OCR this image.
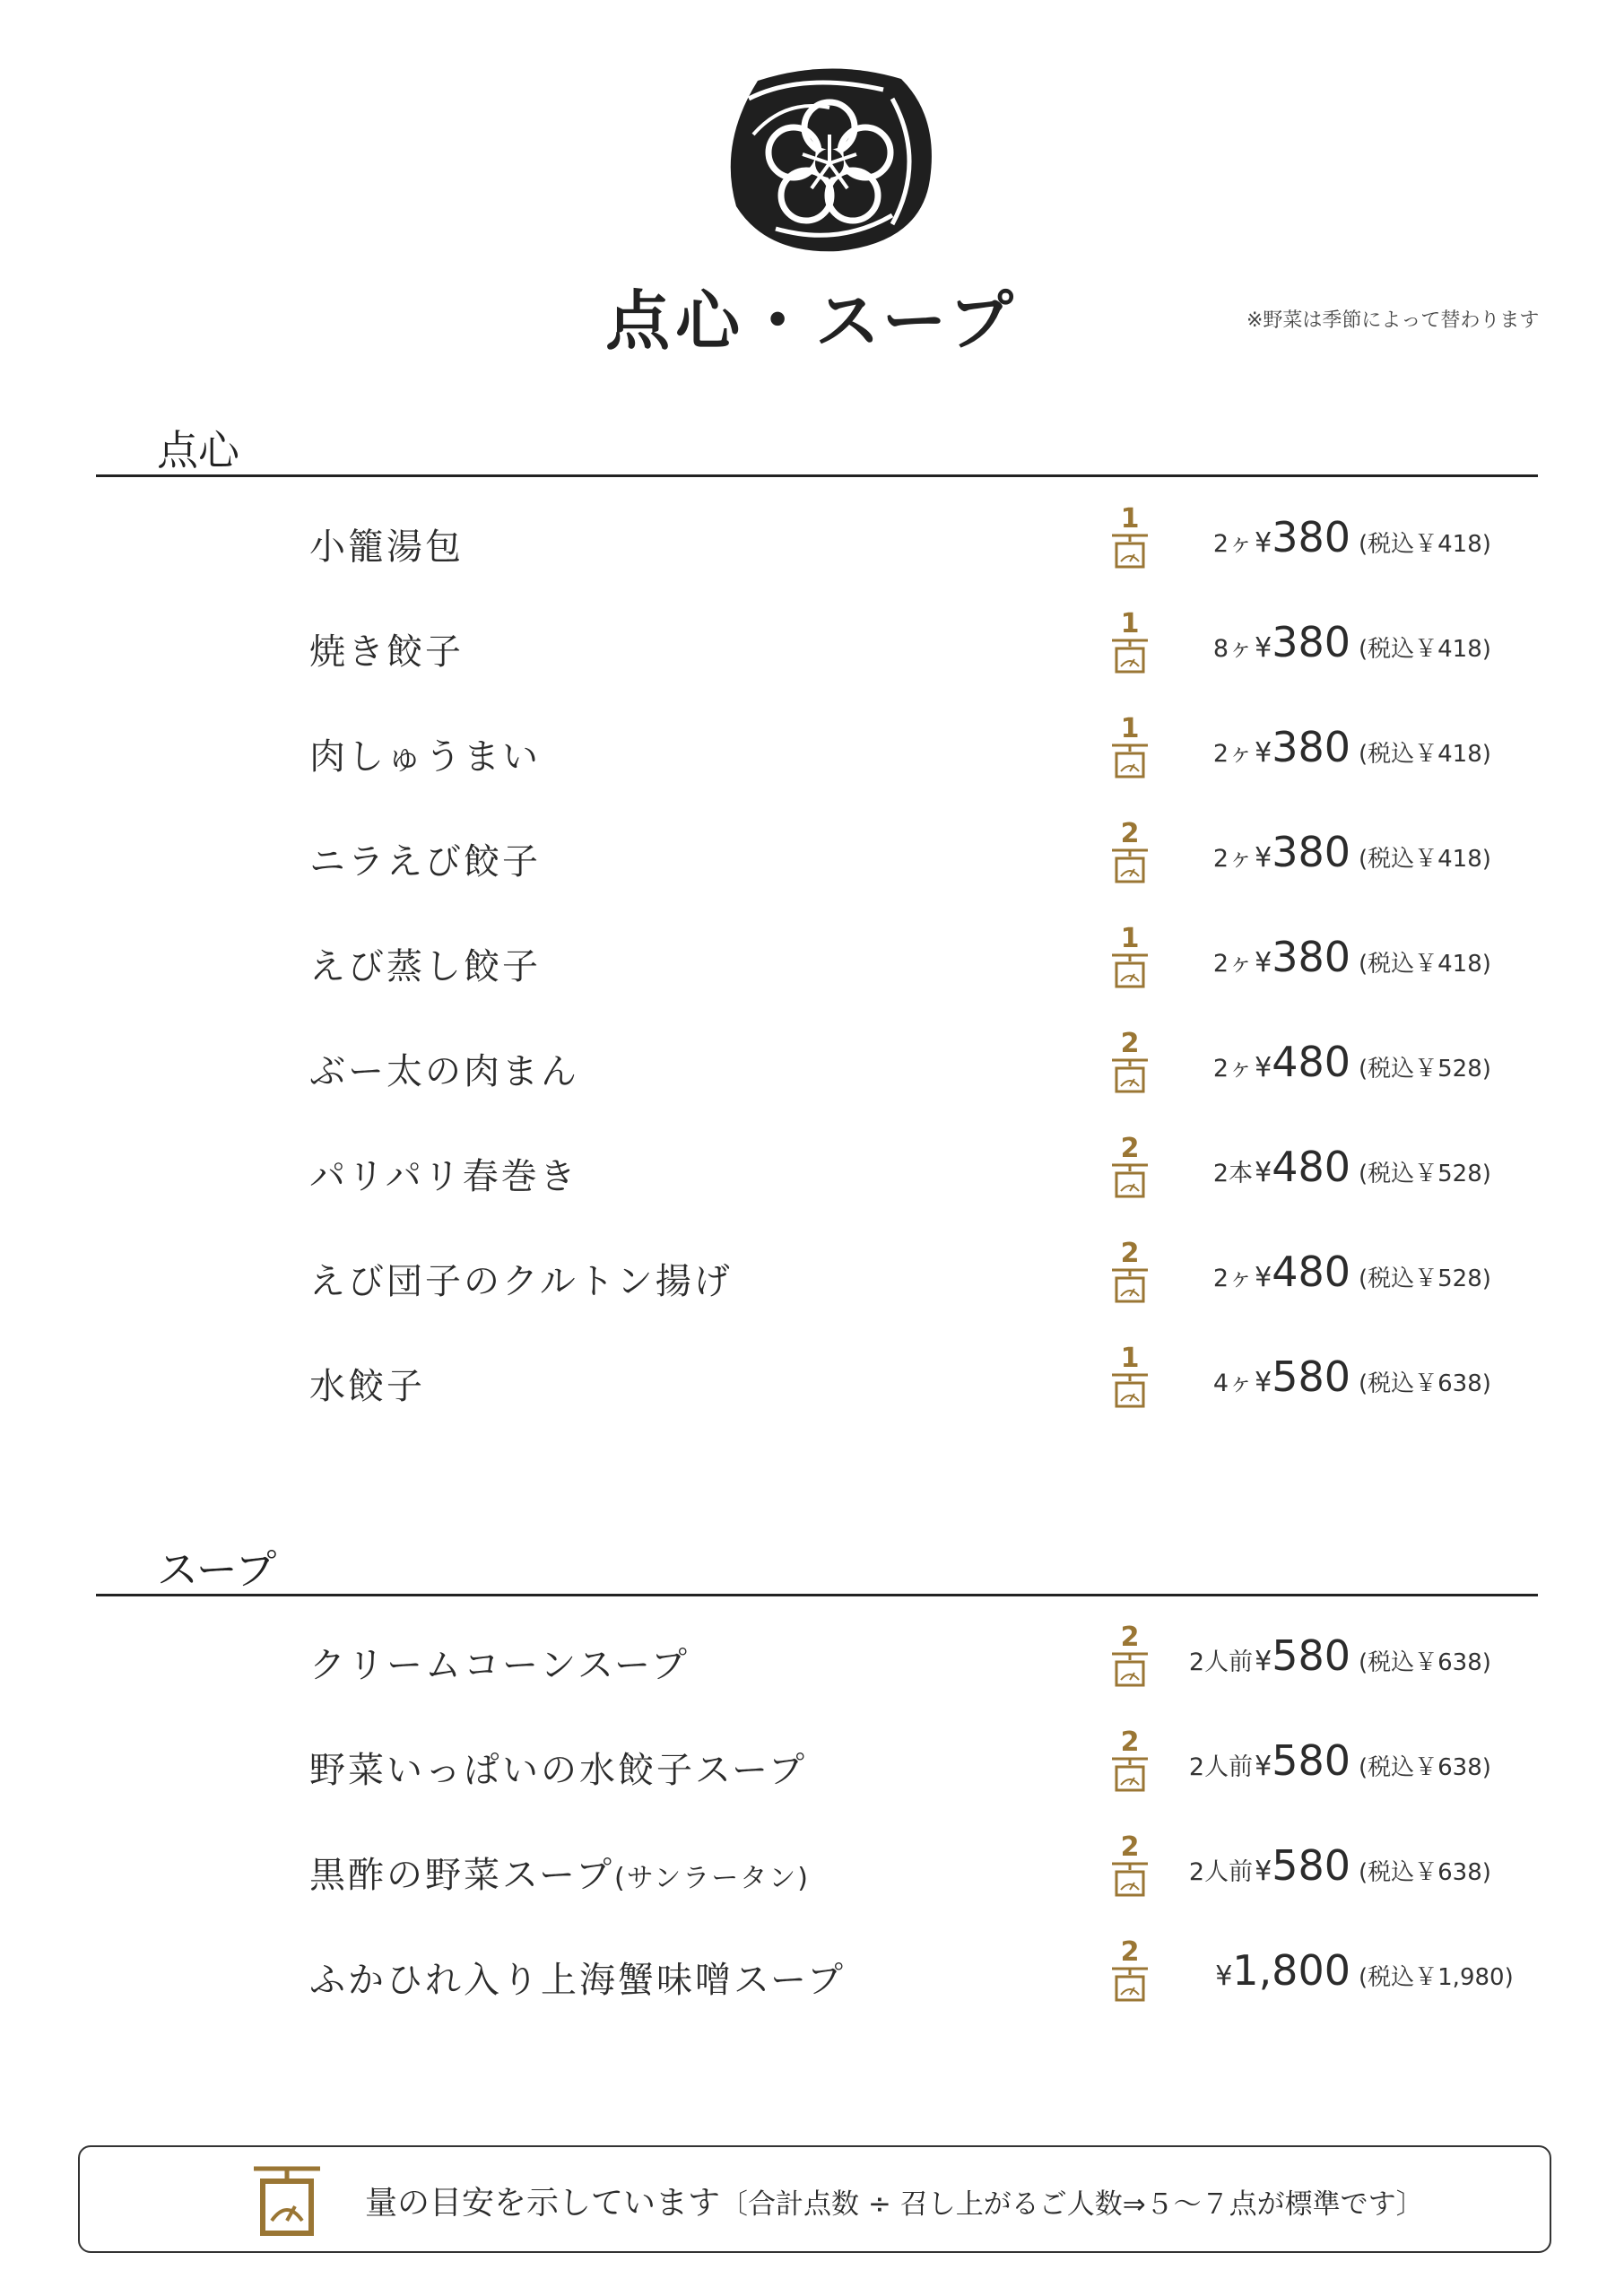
点心・スープ	※野菜は季節によって替わります
点心
小籠湯包
1
2ヶ¥380 (税込￥418)
焼き餃子
1
8ヶ¥380 (税込￥418)
肉しゅうまい
1
2ヶ¥380 (税込￥418)
ニラえび餃子
2
2ヶ¥380 (税込￥418)
えび蒸し餃子
1
2ヶ¥380 (税込￥418)
ぶー太の肉まん
2
2ヶ¥480 (税込￥528)
パリパリ春巻き
2
2本¥480 (税込￥528)
えび団子のクルトン揚げ
2
2ヶ¥480 (税込￥528)
水餃子
1
4ヶ¥580 (税込￥638)
スープ
クリームコーンスープ
2
2人前¥580 (税込￥638)
野菜いっぱいの水餃子スープ
2
2人前¥580 (税込￥638)
黒酢の野菜スープ(サンラータン)
2
2人前¥580 (税込￥638)
ふかひれ入り上海蟹味噌スープ
2
¥1,800 (税込￥1,980)
量の目安を示しています〔合計点数 ÷ 召し上がるご人数⇒５〜７点が標準です〕
